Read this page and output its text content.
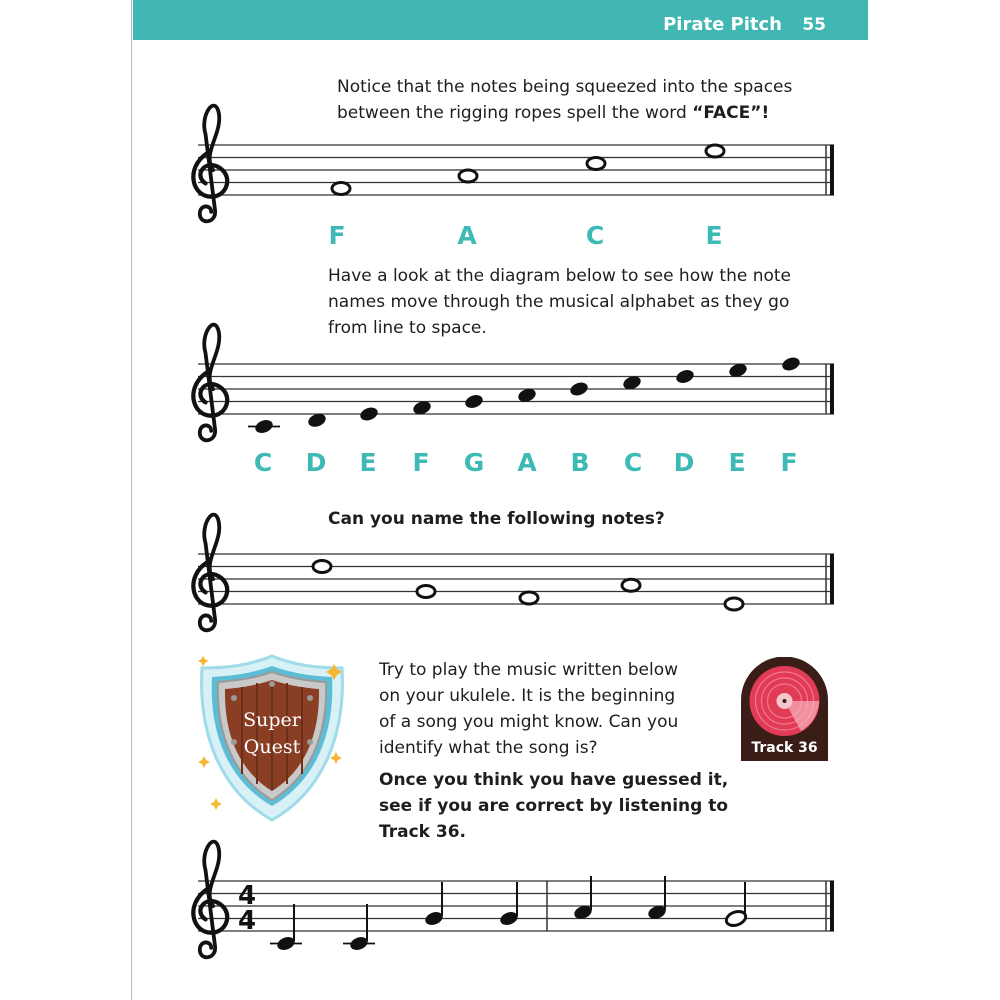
Pirate Pitch 55
Notice that the notes being squeezed into the spaces
between the rigging ropes spell the word “FACE”!
Have a look at the diagram below to see how the note
names move through the musical alphabet as they go
from line to space.
Can you name the following notes?
Try to play the music written below
on your ukulele. It is the beginning
of a song you might know. Can you
identify what the song is?
Once you think you have guessed it,
see if you are correct by listening to
Track 36.
Super
Quest	Track 36
F	A	C	E
C D E F G A B C D E F
4
4
